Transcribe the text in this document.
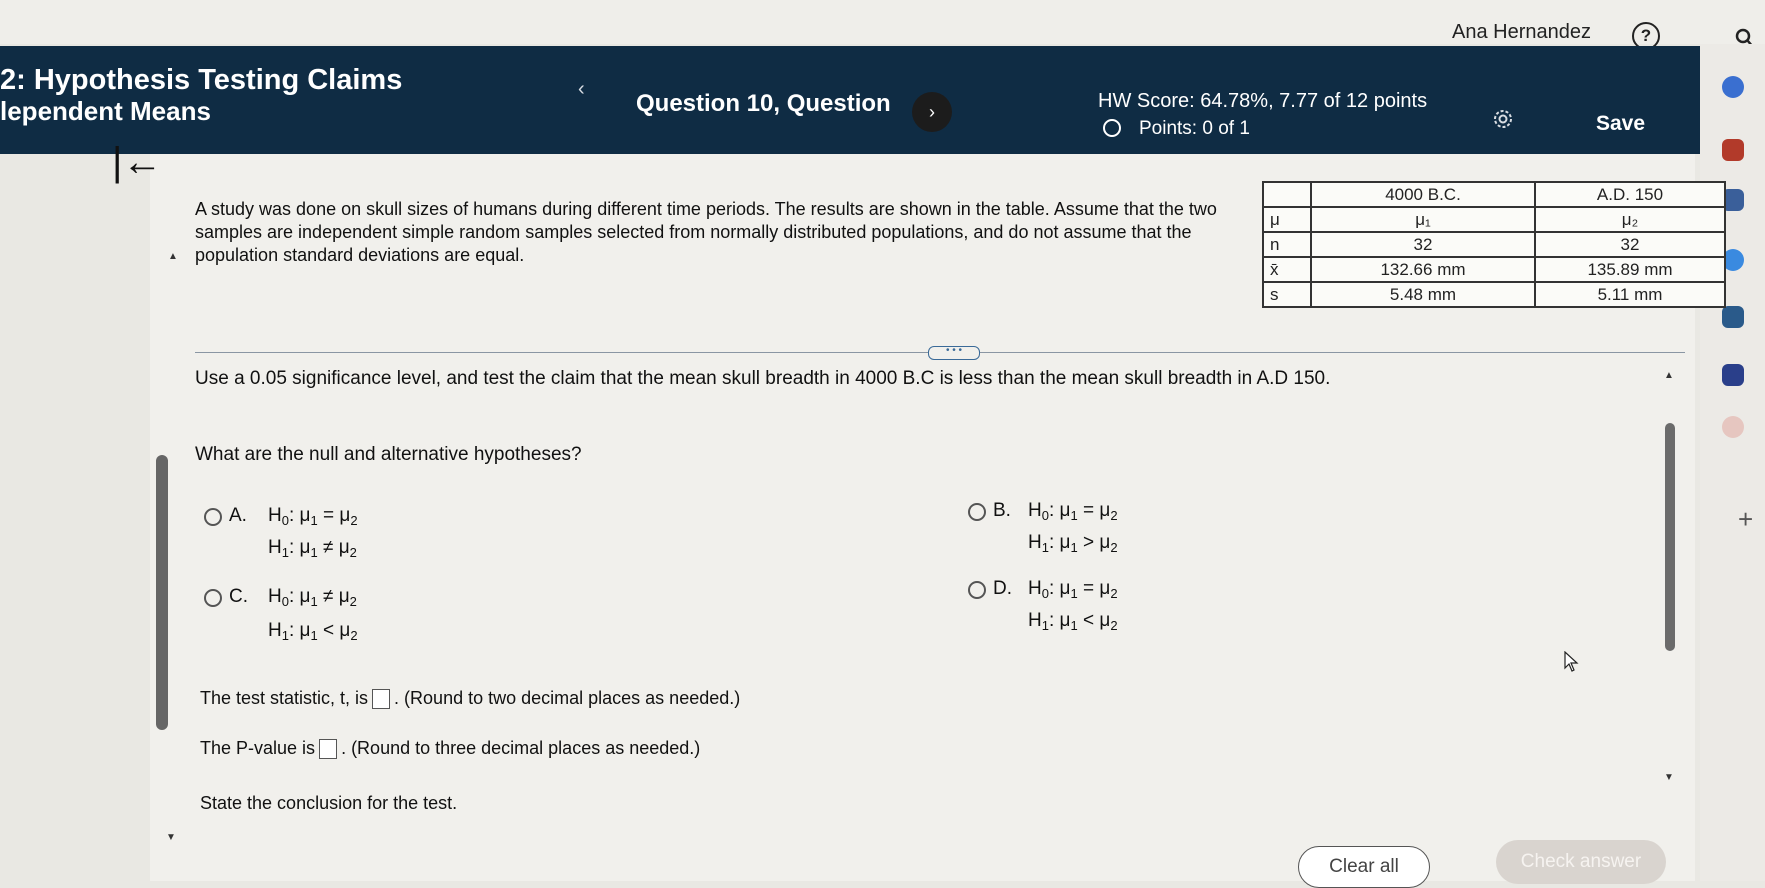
Ana Hernandez	?
2: Hypothesis Testing Claims
lependent Means
‹
Question 10, Question	›	HW Score: 64.78%, 7.77 of 12 points
Points: 0 of 1	Save
+
|←
A study was done on skull sizes of humans during different time periods. The results are shown in the table. Assume that the two samples are independent simple random samples selected from normally distributed populations, and do not assume that the population standard deviations are equal.
▲
	4000 B.C.	A.D. 150
μ	μ₁	μ₂
n	32	32
x̄	132.66 mm	135.89 mm
s	5.48 mm	5.11 mm
• • •
Use a 0.05 significance level, and test the claim that the mean skull breadth in 4000 B.C is less than the mean skull breadth in A.D 150.
What are the null and alternative hypotheses?
A. $H_0$: $\mu_1 = \mu_2$
$H_1$: $\mu_1 \ne \mu_2$
B. $H_0$: $\mu_1 = \mu_2$
$H_1$: $\mu_1 > \mu_2$
C. $H_0$: $\mu_1 \ne \mu_2$
$H_1$: $\mu_1 < \mu_2$
D. $H_0$: $\mu_1 = \mu_2$
$H_1$: $\mu_1 < \mu_2$
The test statistic, t, is . (Round to two decimal places as needed.)
The P-value is . (Round to three decimal places as needed.)
State the conclusion for the test.
▲
▼
▼
Clear all	Check answer
